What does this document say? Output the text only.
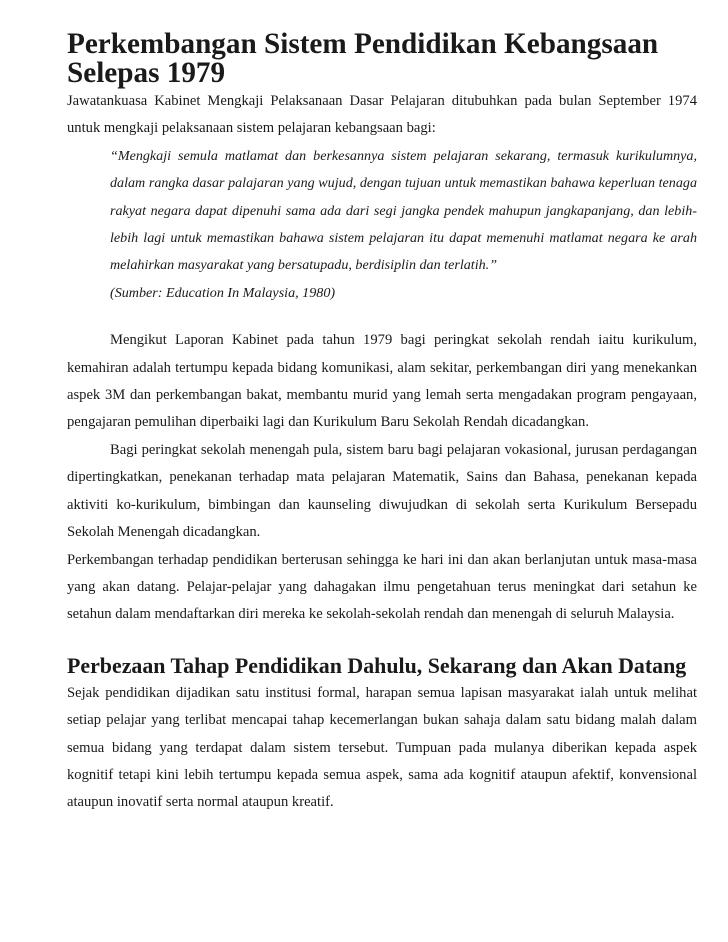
Perkembangan Sistem Pendidikan Kebangsaan Selepas 1979

Jawatankuasa Kabinet Mengkaji Pelaksanaan Dasar Pelajaran ditubuhkan pada bulan September 1974 untuk mengkaji pelaksanaan sistem pelajaran kebangsaan bagi:

“Mengkaji semula matlamat dan berkesannya sistem pelajaran sekarang, termasuk kurikulumnya, dalam rangka dasar palajaran yang wujud, dengan tujuan untuk memastikan bahawa keperluan tenaga rakyat negara dapat dipenuhi sama ada dari segi jangka pendek mahupun jangkapanjang, dan lebih-lebih lagi untuk memastikan bahawa sistem pelajaran itu dapat memenuhi matlamat negara ke arah melahirkan masyarakat yang bersatupadu, berdisiplin dan terlatih.”

(Sumber: Education In Malaysia, 1980)

Mengikut Laporan Kabinet pada tahun 1979 bagi peringkat sekolah rendah iaitu kurikulum, kemahiran adalah tertumpu kepada bidang komunikasi, alam sekitar, perkembangan diri yang menekankan aspek 3M dan perkembangan bakat, membantu murid yang lemah serta mengadakan program pengayaan, pengajaran pemulihan diperbaiki lagi dan Kurikulum Baru Sekolah Rendah dicadangkan.

Bagi peringkat sekolah menengah pula, sistem baru bagi pelajaran vokasional, jurusan perdagangan dipertingkatkan, penekanan terhadap mata pelajaran Matematik, Sains dan Bahasa, penekanan kepada aktiviti ko-kurikulum, bimbingan dan kaunseling diwujudkan di sekolah serta Kurikulum Bersepadu Sekolah Menengah dicadangkan.

Perkembangan terhadap pendidikan berterusan sehingga ke hari ini dan akan berlanjutan untuk masa-masa yang akan datang. Pelajar-pelajar yang dahagakan ilmu pengetahuan terus meningkat dari setahun ke setahun dalam mendaftarkan diri mereka ke sekolah-sekolah rendah dan menengah di seluruh Malaysia.

Perbezaan Tahap Pendidikan Dahulu, Sekarang dan Akan Datang

Sejak pendidikan dijadikan satu institusi formal, harapan semua lapisan masyarakat ialah untuk melihat setiap pelajar yang terlibat mencapai tahap kecemerlangan bukan sahaja dalam satu bidang malah dalam semua bidang yang terdapat dalam sistem tersebut. Tumpuan pada mulanya diberikan kepada aspek kognitif tetapi kini lebih tertumpu kepada semua aspek, sama ada kognitif ataupun afektif, konvensional ataupun inovatif serta normal ataupun kreatif.
